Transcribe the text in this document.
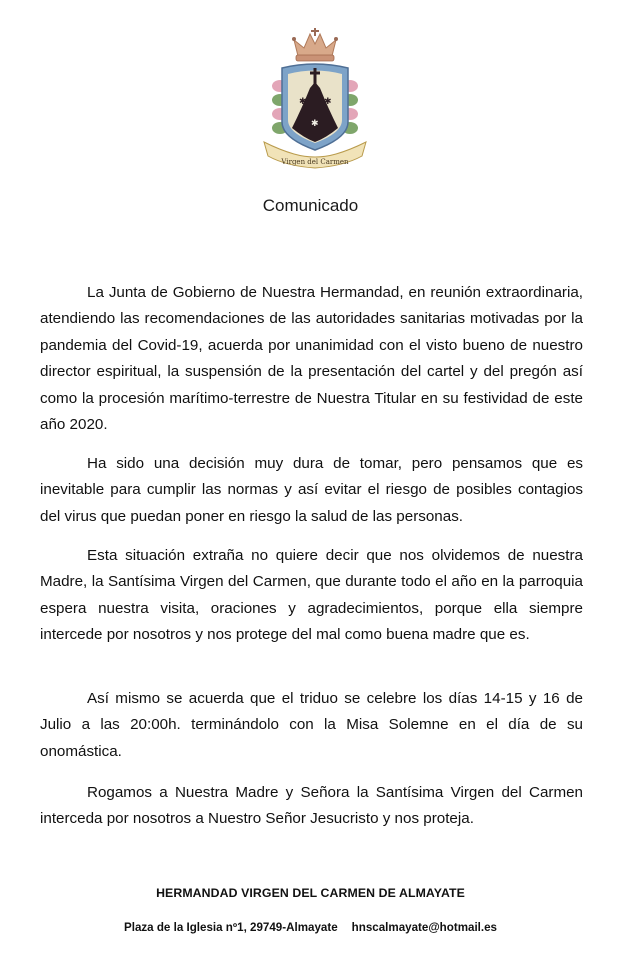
✱ ✱
✱
Virgen del Carmen
Comunicado

La Junta de Gobierno de Nuestra Hermandad, en reunión extraordinaria, atendiendo las recomendaciones de las autoridades sanitarias motivadas por la pandemia del Covid-19, acuerda por unanimidad con el visto bueno de nuestro director espiritual, la suspensión de la presentación del cartel y del pregón así como la procesión marítimo-terrestre de Nuestra Titular en su festividad de este año 2020.

Ha sido una decisión muy dura de tomar, pero pensamos que es inevitable para cumplir las normas y así evitar el riesgo de posibles contagios del virus que puedan poner en riesgo la salud de las personas.

Esta situación extraña no quiere decir que nos olvidemos de nuestra Madre, la Santísima Virgen del Carmen, que durante todo el año en la parroquia espera nuestra visita, oraciones y agradecimientos, porque ella siempre intercede por nosotros y nos protege del mal como buena madre que es.

Así mismo se acuerda que el triduo se celebre los días 14-15 y 16 de Julio a las 20:00h. terminándolo con la Misa Solemne en el día de su onomástica.

Rogamos a Nuestra Madre y Señora la Santísima Virgen del Carmen interceda por nosotros a Nuestro Señor Jesucristo y nos proteja.

HERMANDAD VIRGEN DEL CARMEN DE ALMAYATE
Plaza de la Iglesia nº1, 29749-Almayate hnscalmayate@hotmail.es
